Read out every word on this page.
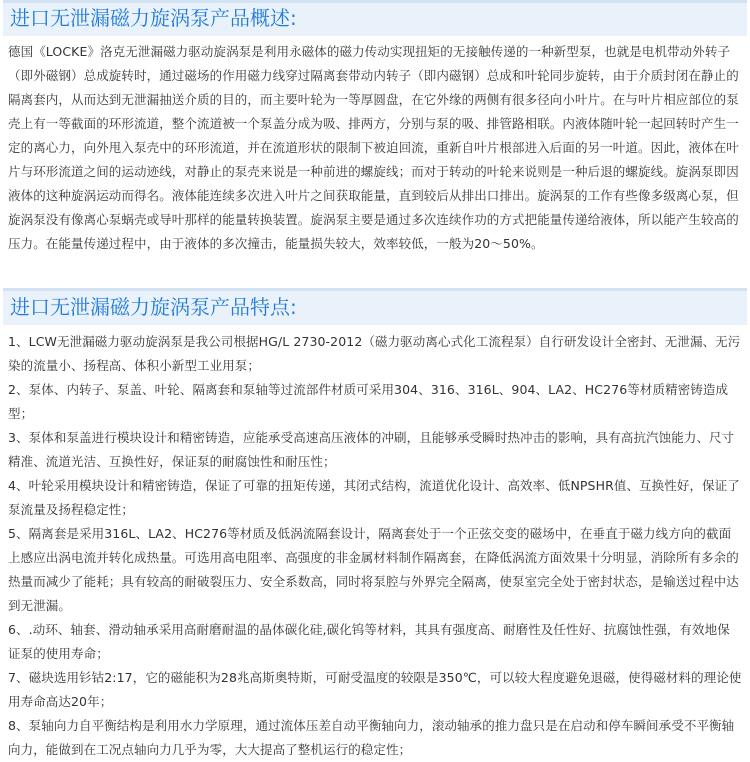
进口无泄漏磁力旋涡泵产品概述:

德国《LOCKE》洛克无泄漏磁力驱动旋涡泵是利用永磁体的磁力传动实现扭矩的无接触传递的一种新型泵，也就是电机带动外转子（即外磁钢）总成旋转时，通过磁场的作用磁力线穿过隔离套带动内转子（即内磁钢）总成和叶轮同步旋转，由于介质封闭在静止的隔离套内，从而达到无泄漏抽送介质的目的，而主要叶轮为一等厚圆盘，在它外缘的两侧有很多径向小叶片。在与叶片相应部位的泵壳上有一等截面的环形流道，整个流道被一个泵盖分成为吸、排两方，分别与泵的吸、排管路相联。内液体随叶轮一起回转时产生一定的离心力，向外甩入泵壳中的环形流道，并在流道形状的限制下被迫回流，重新自叶片根部进入后面的另一叶道。因此，液体在叶片与环形流道之间的运动迹线，对静止的泵壳来说是一种前进的螺旋线；而对于转动的叶轮来说则是一种后退的螺旋线。旋涡泵即因液体的这种旋涡运动而得名。液体能连续多次进入叶片之间获取能量，直到较后从排出口排出。旋涡泵的工作有些像多级离心泵，但旋涡泵没有像离心泵蜗壳或导叶那样的能量转换装置。旋涡泵主要是通过多次连续作功的方式把能量传递给液体，所以能产生较高的压力。在能量传递过程中，由于液体的多次撞击，能量损失较大，效率较低，一般为20～50%。

进口无泄漏磁力旋涡泵产品特点:

1、LCW无泄漏磁力驱动旋涡泵是我公司根据HG/L 2730-2012（磁力驱动离心式化工流程泵）自行研发设计全密封、无泄漏、无污染的流量小、扬程高、体积小新型工业用泵；

2、泵体、内转子、泵盖、叶轮、隔离套和泵轴等过流部件材质可采用304、316、316L、904、LA2、HC276等材质精密铸造成型；

3、泵体和泵盖进行模块设计和精密铸造，应能承受高速高压液体的冲刷，且能够承受瞬时热冲击的影响，具有高抗汽蚀能力、尺寸精准、流道光洁、互换性好，保证泵的耐腐蚀性和耐压性；

4、叶轮采用模块设计和精密铸造，保证了可靠的扭矩传递，其闭式结构，流道优化设计、高效率、低NPSHR值、互换性好，保证了泵流量及扬程稳定性；

5、隔离套是采用316L、LA2、HC276等材质及低涡流隔套设计，隔离套处于一个正弦交变的磁场中，在垂直于磁力线方向的截面上感应出涡电流并转化成热量。可选用高电阻率、高强度的非金属材料制作隔离套，在降低涡流方面效果十分明显，消除所有多余的热量而减少了能耗；具有较高的耐破裂压力、安全系数高，同时将泵腔与外界完全隔离，使泵室完全处于密封状态，是输送过程中达到无泄漏。

6、.动环、轴套、滑动轴承采用高耐磨耐温的晶体碳化硅,碳化钨等材料，其具有强度高、耐磨性及任性好、抗腐蚀性强，有效地保证泵的使用寿命；

7、磁块选用钐钴2:17，它的磁能积为28兆高斯奥特斯，可耐受温度的较限是350℃，可以较大程度避免退磁，使得磁材料的理论使用寿命高达20年；

8、泵轴向力自平衡结构是利用水力学原理，通过流体压差自动平衡轴向力，滚动轴承的推力盘只是在启动和停车瞬间承受不平衡轴向力，能做到在工况点轴向力几乎为零，大大提高了整机运行的稳定性；
